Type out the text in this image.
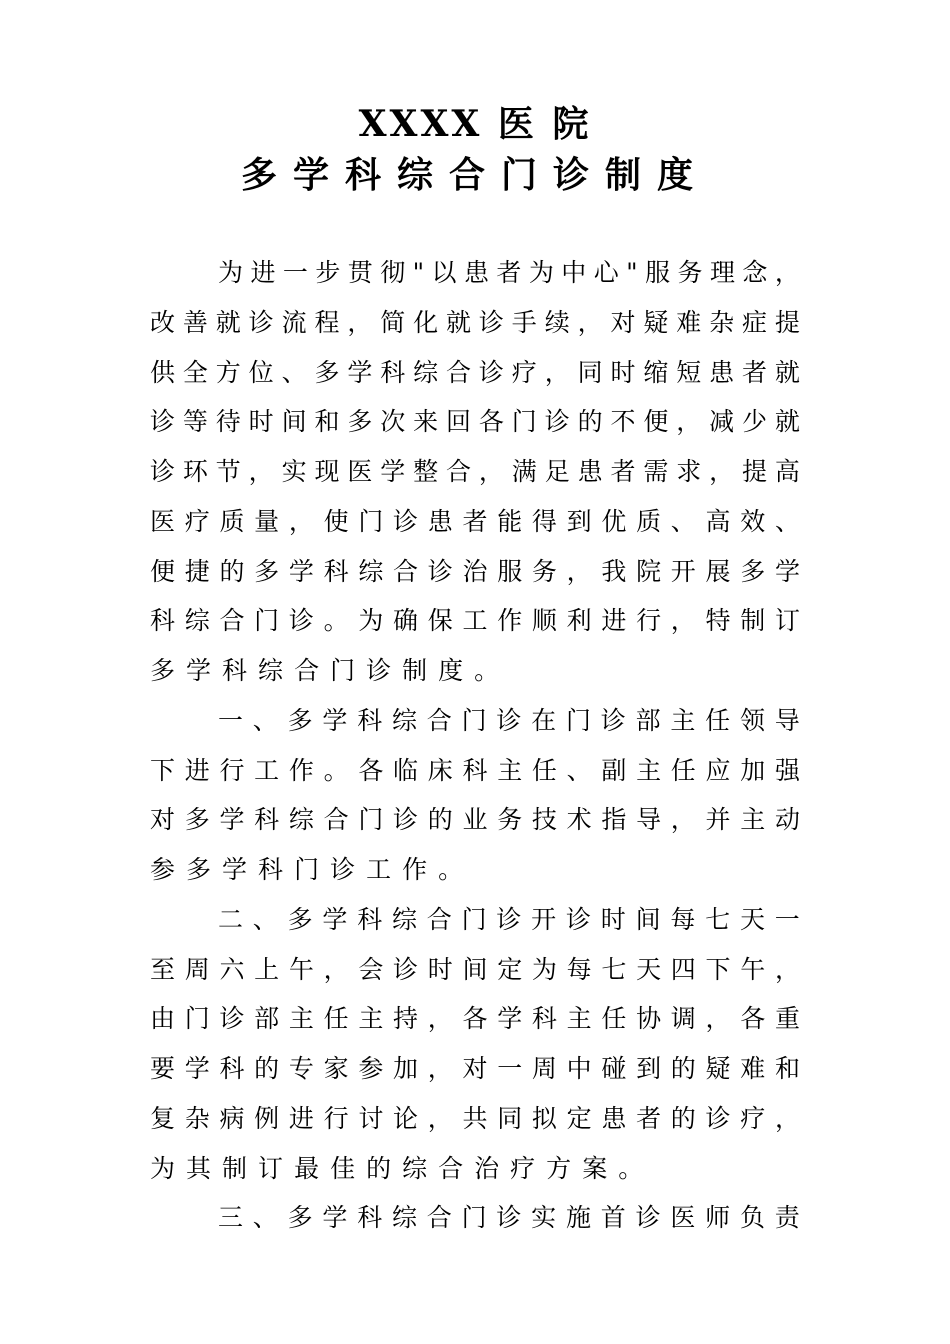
XXXX 医 院
多学科综合门诊制度
为 进 一 步 贯 彻 " 以 患 者 为 中 心 " 服 务 理 念 ，
改 善 就 诊 流 程 ， 简 化 就 诊 手 续 ， 对 疑 难 杂 症 提
供 全 方 位 、 多 学 科 综 合 诊 疗 ， 同 时 缩 短 患 者 就
诊 等 待 时 间 和 多 次 来 回 各 门 诊 的 不 便 ， 减 少 就
诊 环 节 ， 实 现 医 学 整 合 ， 满 足 患 者 需 求 ， 提 高
医 疗 质 量 ， 使 门 诊 患 者 能 得 到 优 质 、 高 效 、
便 捷 的 多 学 科 综 合 诊 治 服 务 ， 我 院 开 展 多 学
科 综 合 门 诊 。 为 确 保 工 作 顺 利 进 行 ， 特 制 订
多 学 科 综 合 门 诊 制 度 。
一 、 多 学 科 综 合 门 诊 在 门 诊 部 主 任 领 导
下 进 行 工 作 。 各 临 床 科 主 任 、 副 主 任 应 加 强
对 多 学 科 综 合 门 诊 的 业 务 技 术 指 导 ， 并 主 动
参 多 学 科 门 诊 工 作 。
二 、 多 学 科 综 合 门 诊 开 诊 时 间 每 七 天 一
至 周 六 上 午 ， 会 诊 时 间 定 为 每 七 天 四 下 午 ，
由 门 诊 部 主 任 主 持 ， 各 学 科 主 任 协 调 ， 各 重
要 学 科 的 专 家 参 加 ， 对 一 周 中 碰 到 的 疑 难 和
复 杂 病 例 进 行 讨 论 ， 共 同 拟 定 患 者 的 诊 疗 ，
为 其 制 订 最 佳 的 综 合 治 疗 方 案 。
三 、 多 学 科 综 合 门 诊 实 施 首 诊 医 师 负 责
